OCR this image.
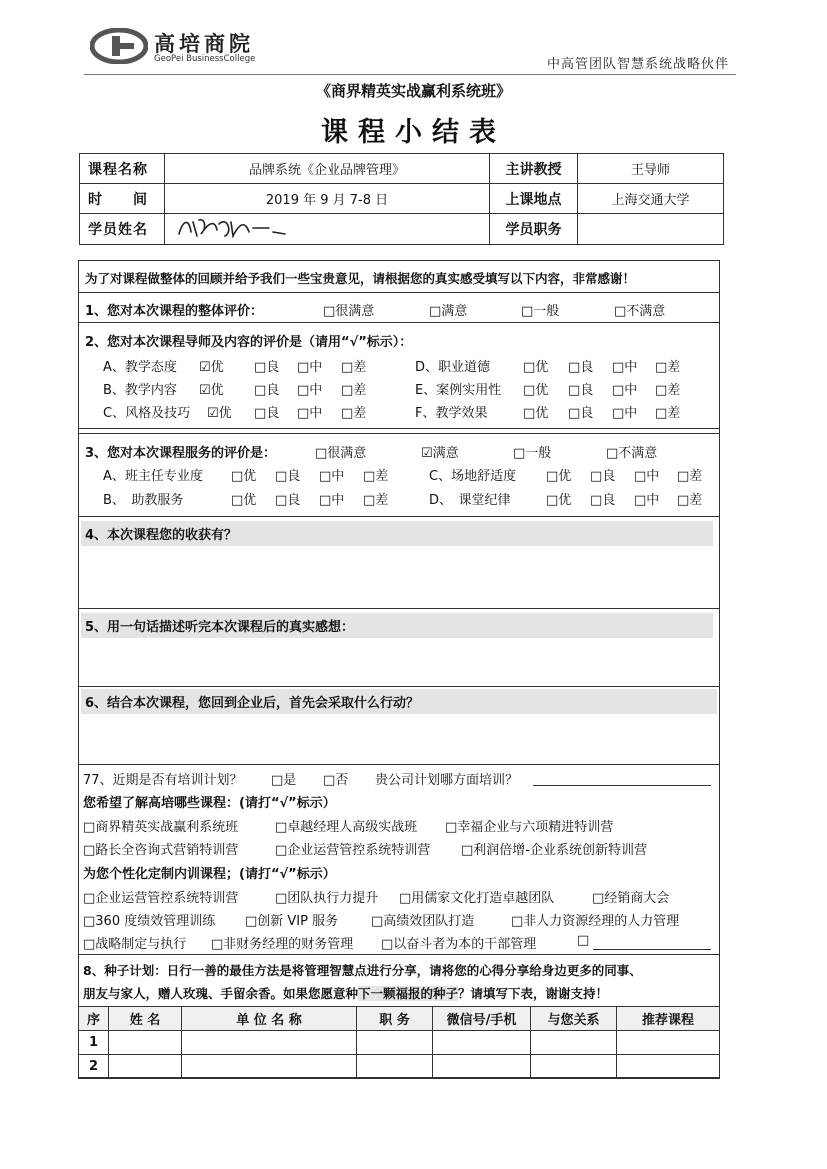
高培商院
GeoPei BusinessCollege	中高管团队智慧系统战略伙伴
《商界精英实战赢利系统班》
课程小结表
课程名称	品牌系统《企业品牌管理》	主讲教授	王导师
时　　间	2019 年 9 月 7-8 日	上课地点	上海交通大学
学员姓名		学员职务	
为了对课程做整体的回顾并给予我们一些宝贵意见，请根据您的真实感受填写以下内容，非常感谢！
1、您对本次课程的整体评价：	□很满意	□满意	□一般	□不满意
2、您对本次课程导师及内容的评价是（请用“√”标示）：
A、教学态度 ☑优 □良 □中 □差	D、职业道德	□优 □良 □中 □差
B、教学内容 ☑优 □良 □中 □差	E、案例实用性 □优 □良 □中 □差
C、风格及技巧 ☑优 □良 □中 □差	F、教学效果	□优 □良 □中 □差
3、您对本次课程服务的评价是：	□很满意	☑满意	□一般	□不满意
A、班主任专业度 □优 □良 □中 □差	C、场地舒适度 □优 □良 □中 □差
B、　助教服务	□优 □良 □中 □差	D、　课堂纪律	□优 □良 □中 □差
4、本次课程您的收获有？
5、用一句话描述听完本次课程后的真实感想：
6、结合本次课程，您回到企业后，首先会采取什么行动？
77、近期是否有培训计划？ □是 □否 贵公司计划哪方面培训？
您希望了解高培哪些课程：(请打“√”标示）
□商界精英实战赢利系统班	□卓越经理人高级实战班 □幸福企业与六项精进特训营
□路长全咨询式营销特训营	□企业运营管控系统特训营 □利润倍增-企业系统创新特训营
为您个性化定制内训课程；(请打“√”标示）
□企业运营管控系统特训营	□团队执行力提升 □用儒家文化打造卓越团队	□经销商大会
□360 度绩效管理训练 □创新 VIP 服务	□高绩效团队打造	□非人力资源经理的人力管理
□战略制定与执行 □非财务经理的财务管理 □以奋斗者为本的干部管理	□
8、种子计划：日行一善的最佳方法是将管理智慧点进行分享，请将您的心得分享给身边更多的同事、
朋友与家人，赠人玫瑰、手留余香。如果您愿意种下一颗福报的种子？请填写下表，谢谢支持！
序	姓 名	单 位 名 称	职 务	微信号/手机	与您关系	推荐课程
1						
2						
